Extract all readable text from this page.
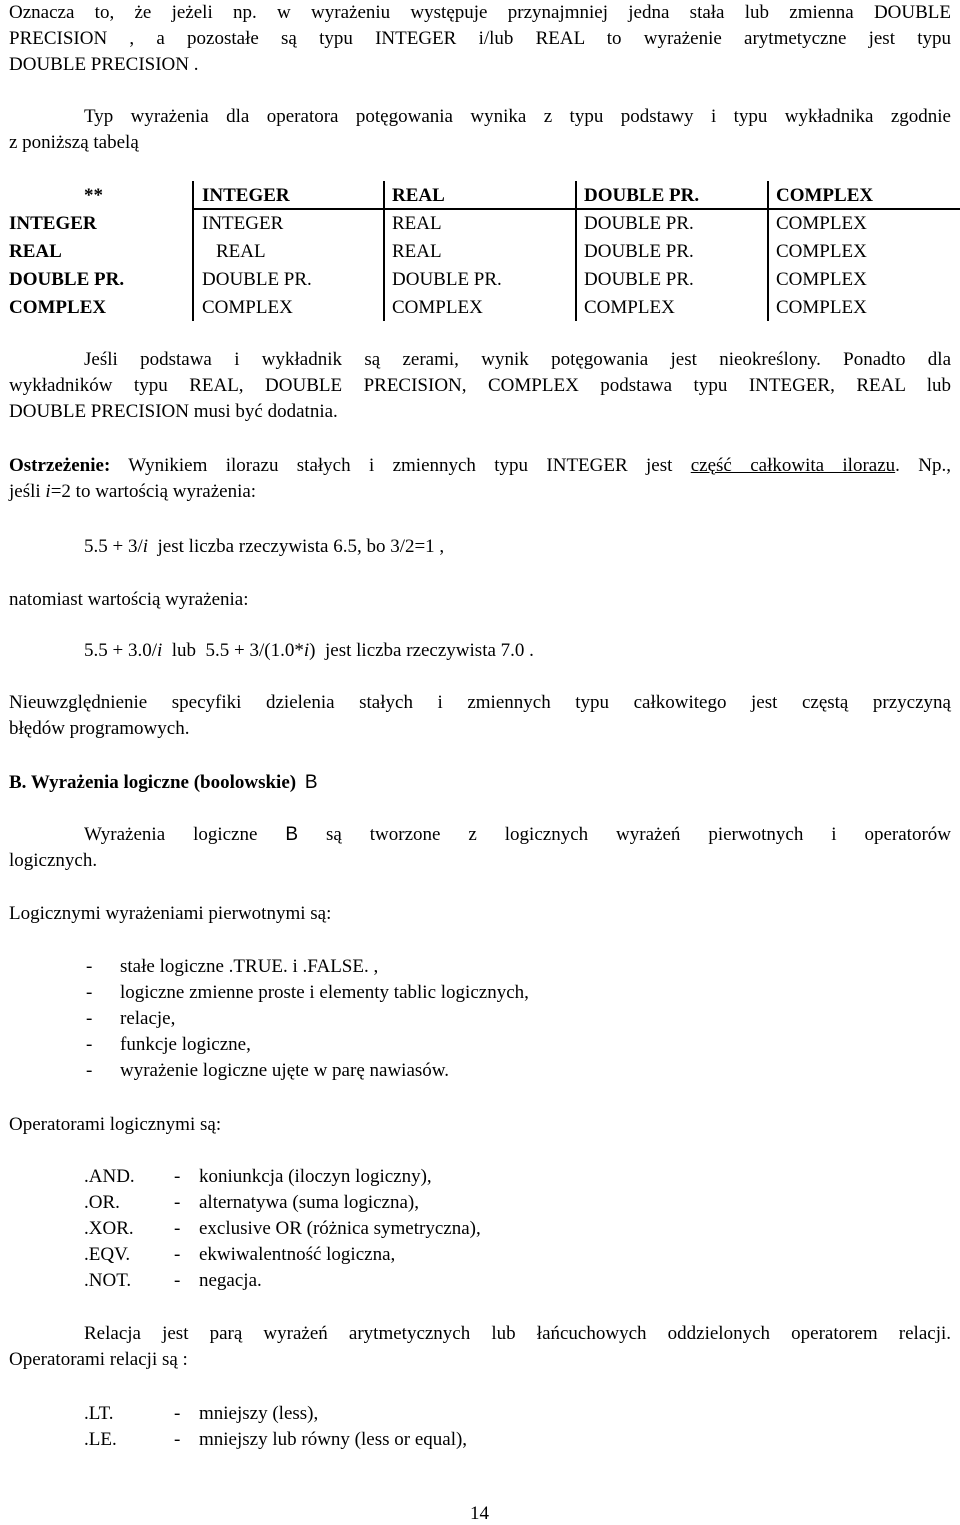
Oznacza to, że jeżeli np. w wyrażeniu występuje przynajmniej jedna stała lub zmienna DOUBLE
PRECISION , a pozostałe są typu INTEGER i/lub REAL to wyrażenie arytmetyczne jest typu
DOUBLE PRECISION .
Typ wyrażenia dla operatora potęgowania wynika z typu podstawy i typu wykładnika zgodnie
z poniższą tabelą
**	INTEGER	REAL	DOUBLE PR.	COMPLEX
INTEGER	INTEGER	REAL	DOUBLE PR.	COMPLEX
REAL	REAL	REAL	DOUBLE PR.	COMPLEX
DOUBLE PR.	DOUBLE PR.	DOUBLE PR.	DOUBLE PR.	COMPLEX
COMPLEX	COMPLEX	COMPLEX	COMPLEX	COMPLEX
Jeśli podstawa i wykładnik są zerami, wynik potęgowania jest nieokreślony. Ponadto dla
wykładników typu REAL, DOUBLE PRECISION, COMPLEX podstawa typu INTEGER, REAL lub
DOUBLE PRECISION musi być dodatnia.
Ostrzeżenie: Wynikiem ilorazu stałych i zmiennych typu INTEGER jest część całkowita ilorazu. Np.,
jeśli i=2 to wartością wyrażenia:
5.5 + 3/i  jest liczba rzeczywista 6.5, bo 3/2=1 ,
natomiast wartością wyrażenia:
5.5 + 3.0/i  lub  5.5 + 3/(1.0*i)  jest liczba rzeczywista 7.0 .
Nieuwzględnienie specyfiki dzielenia stałych i zmiennych typu całkowitego jest częstą przyczyną
błędów programowych.
B. Wyrażenia logiczne (boolowskie) B
Wyrażenia logiczne B są tworzone z logicznych wyrażeń pierwotnych i operatorów
logicznych.
Logicznymi wyrażeniami pierwotnymi są:
- stałe logiczne .TRUE. i .FALSE. ,
- logiczne zmienne proste i elementy tablic logicznych,
- relacje,
- funkcje logiczne,
- wyrażenie logiczne ujęte w parę nawiasów.
Operatorami logicznymi są:
.AND. - koniunkcja (iloczyn logiczny),
.OR.	- alternatywa (suma logiczna),
.XOR. - exclusive OR (różnica symetryczna),
.EQV. - ekwiwalentność logiczna,
.NOT. - negacja.
Relacja jest parą wyrażeń arytmetycznych lub łańcuchowych oddzielonych operatorem relacji.
Operatorami relacji są :
.LT.	- mniejszy (less),
.LE.	- mniejszy lub równy (less or equal),
14
